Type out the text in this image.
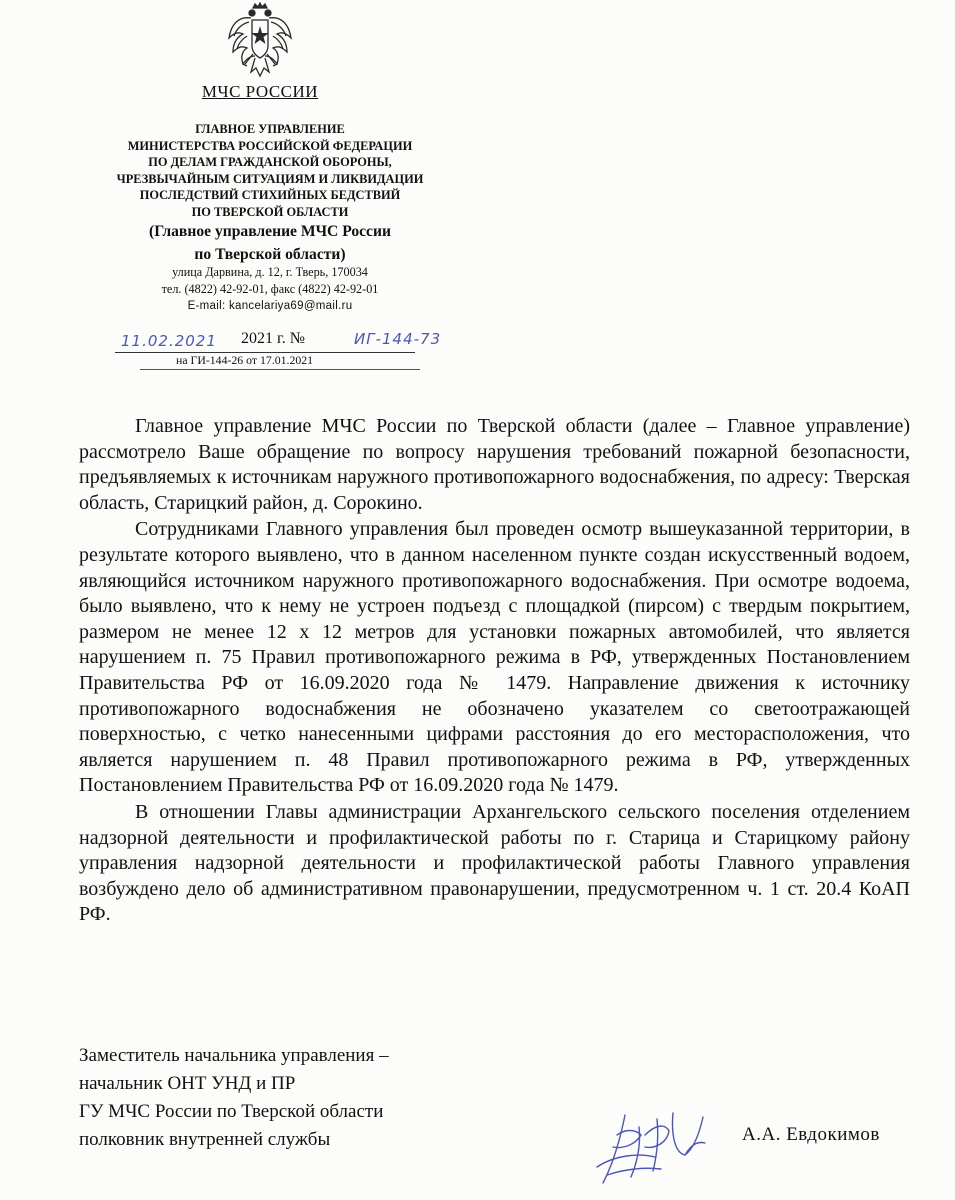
МЧС РОССИИ
ГЛАВНОЕ УПРАВЛЕНИЕ
МИНИСТЕРСТВА РОССИЙСКОЙ ФЕДЕРАЦИИ
ПО ДЕЛАМ ГРАЖДАНСКОЙ ОБОРОНЫ,
ЧРЕЗВЫЧАЙНЫМ СИТУАЦИЯМ И ЛИКВИДАЦИИ
ПОСЛЕДСТВИЙ СТИХИЙНЫХ БЕДСТВИЙ
ПО ТВЕРСКОЙ ОБЛАСТИ
(Главное управление МЧС России
по Тверской области)
улица Дарвина, д. 12, г. Тверь, 170034
тел. (4822) 42-92-01, факс (4822) 42-92-01
E-mail: kancelariya69@mail.ru
11.02.2021 2021 г. №	ИГ-144-73
на ГИ-144-26 от 17.01.2021

Главное управление МЧС России по Тверской области (далее – Главное управление) рассмотрело Ваше обращение по вопросу нарушения требований пожарной безопасности, предъявляемых к источникам наружного противопожарного водоснабжения, по адресу: Тверская область, Старицкий район, д. Сорокино.

Сотрудниками Главного управления был проведен осмотр вышеуказанной территории, в результате которого выявлено, что в данном населенном пункте создан искусственный водоем, являющийся источником наружного противопожарного водоснабжения. При осмотре водоема, было выявлено, что к нему не устроен подъезд с площадкой (пирсом) с твердым покрытием, размером не менее 12 х 12 метров для установки пожарных автомобилей, что является нарушением п. 75 Правил противопожарного режима в РФ, утвержденных Постановлением Правительства РФ от 16.09.2020 года № 1479. Направление движения к источнику противопожарного водоснабжения не обозначено указателем со светоотражающей поверхностью, с четко нанесенными цифрами расстояния до его месторасположения, что является нарушением п. 48 Правил противопожарного режима в РФ, утвержденных Постановлением Правительства РФ от 16.09.2020 года № 1479.

В отношении Главы администрации Архангельского сельского поселения отделением надзорной деятельности и профилактической работы по г. Старица и Старицкому району управления надзорной деятельности и профилактической работы Главного управления возбуждено дело об административном правонарушении, предусмотренном ч. 1 ст. 20.4 КоАП РФ.

Заместитель начальника управления –
начальник ОНТ УНД и ПР
ГУ МЧС России по Тверской области
полковник внутренней службы	А.А. Евдокимов
